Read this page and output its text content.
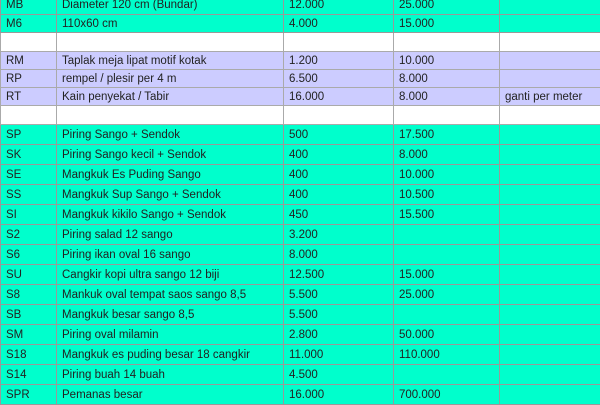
MB	Diameter 120 cm (Bundar)	12.000	25.000	
M6	110x60 cm	4.000	15.000	

RM	Taplak meja lipat motif kotak	1.200	10.000	
RP	rempel / plesir per 4 m	6.500	8.000	
RT	Kain penyekat / Tabir	16.000	8.000	ganti per meter

SP	Piring Sango + Sendok	500	17.500	
SK	Piring Sango kecil + Sendok	400	8.000	
SE	Mangkuk Es Puding Sango	400	10.000	
SS	Mangkuk Sup Sango + Sendok	400	10.500	
SI	Mangkuk kikilo Sango + Sendok	450	15.500	
S2	Piring salad 12 sango	3.200		
S6	Piring ikan oval 16 sango	8.000		
SU	Cangkir kopi ultra sango 12 biji	12.500	15.000	
S8	Mankuk oval tempat saos sango 8,5	5.500	25.000	
SB	Mangkuk besar sango 8,5	5.500		
SM	Piring oval milamin	2.800	50.000	
S18	Mangkuk es puding besar 18 cangkir	11.000	110.000	
S14	Piring buah 14 buah	4.500		
SPR	Pemanas besar	16.000	700.000	
